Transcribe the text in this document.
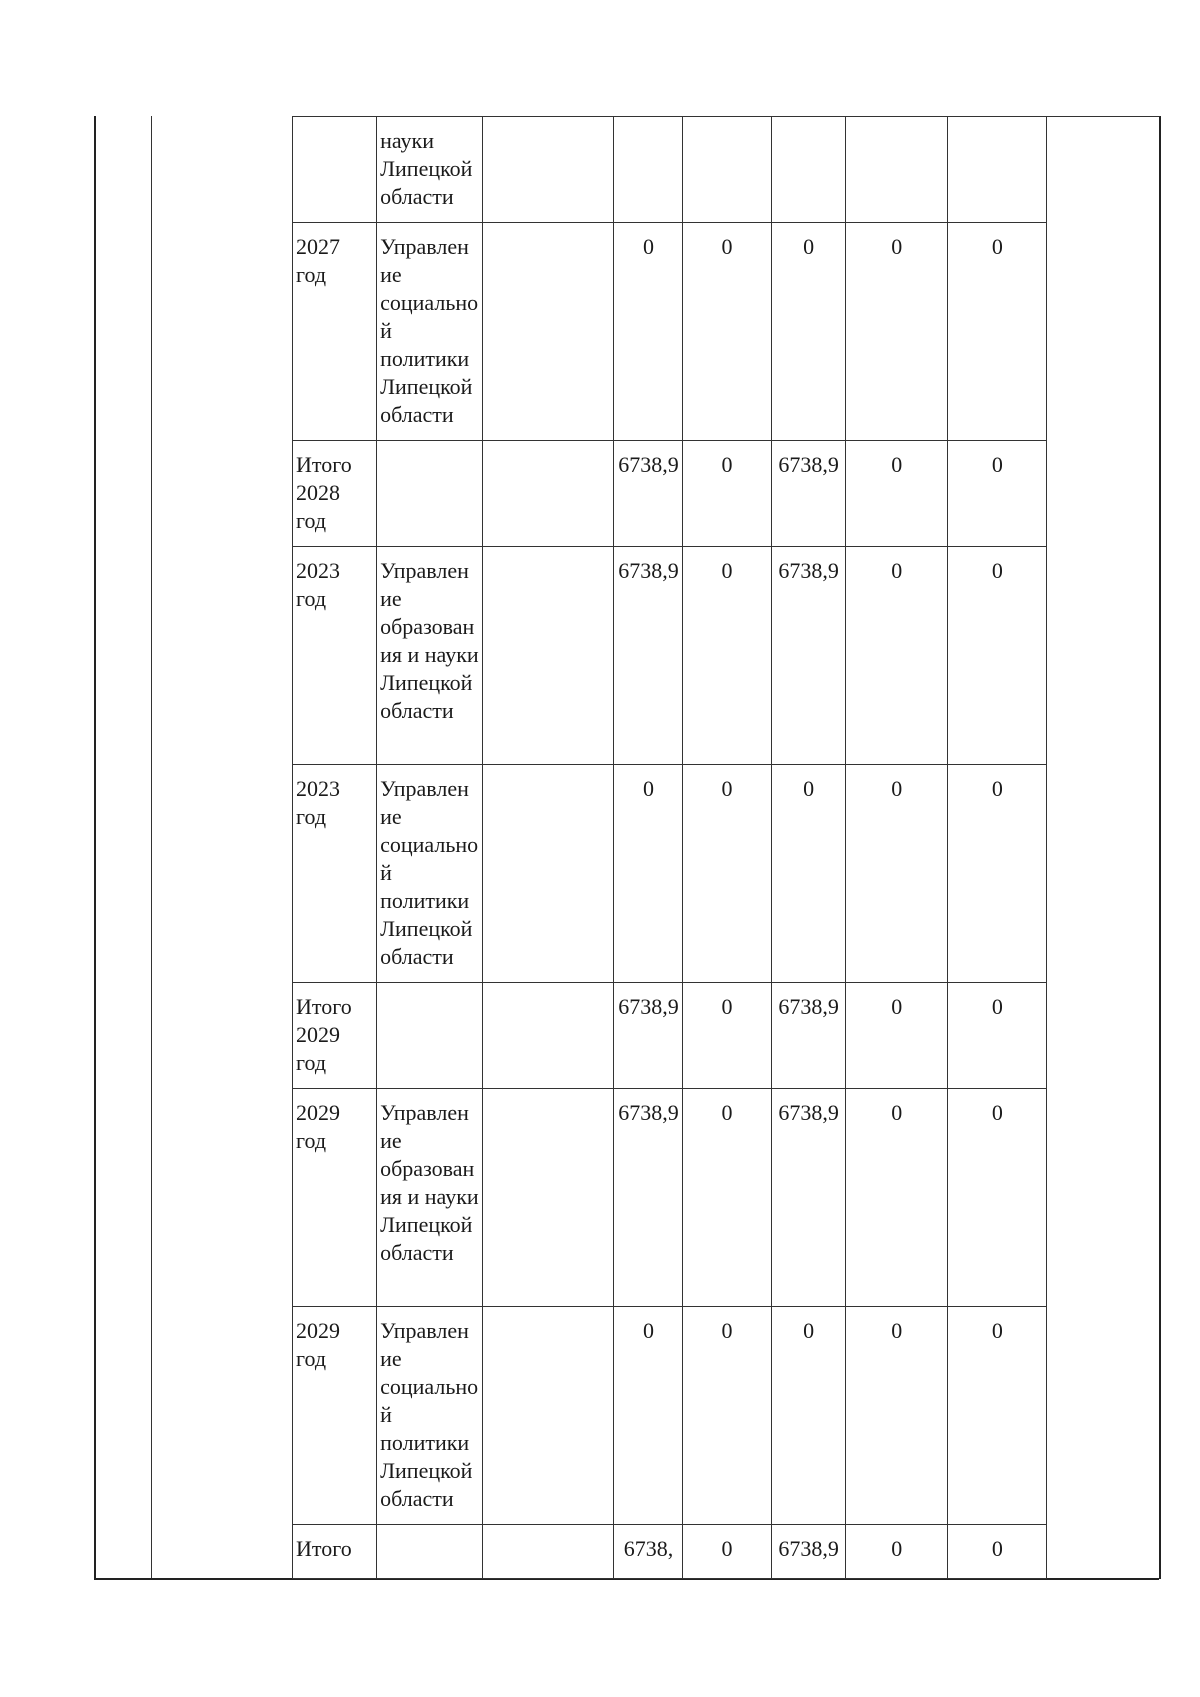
	науки Липецкой области						
2027 год	Управление социальной политики Липецкой области		0	0	0	0	0
Итого 2028 год			6738,9	0	6738,9	0	0
2023 год	Управление образования и науки Липецкой области		6738,9	0	6738,9	0	0
2023 год	Управление социальной политики Липецкой области		0	0	0	0	0
Итого 2029 год			6738,9	0	6738,9	0	0
2029 год	Управление образования и науки Липецкой области		6738,9	0	6738,9	0	0
2029 год	Управление социальной политики Липецкой области		0	0	0	0	0
Итого			6738,	0	6738,9	0	0
